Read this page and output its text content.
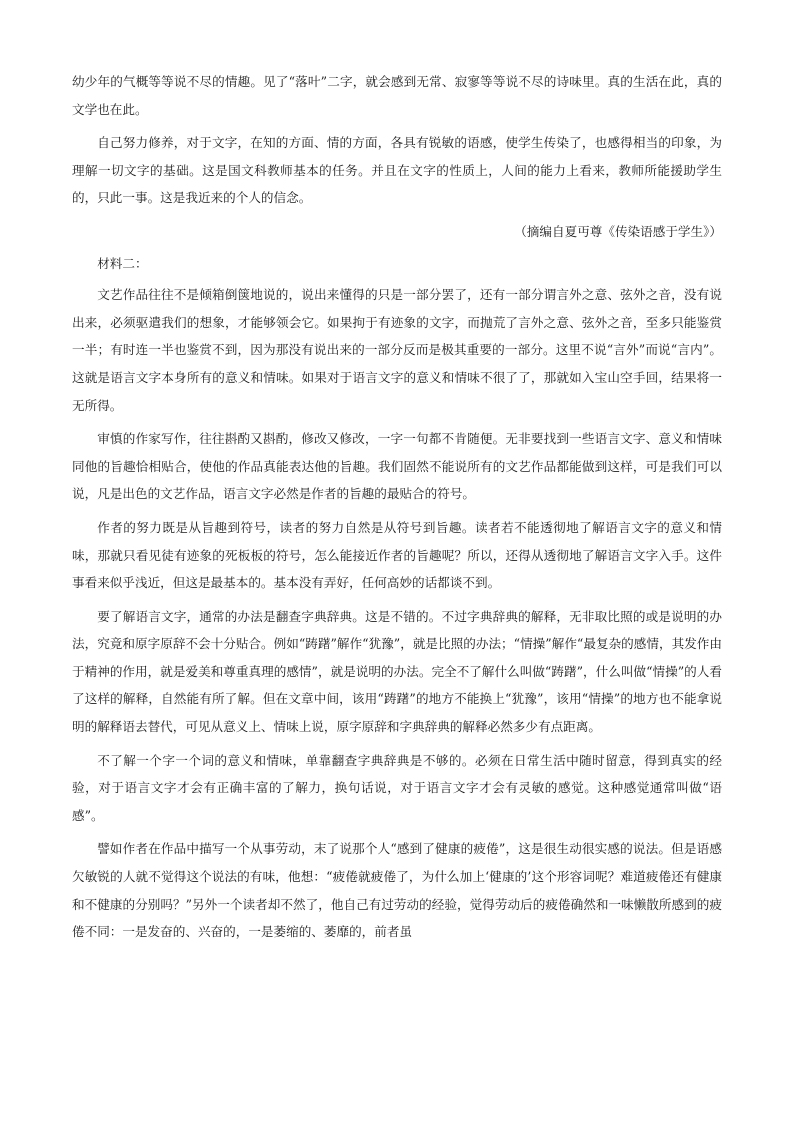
幼少年的气概等等说不尽的情趣。见了“落叶”二字，就会感到无常、寂寥等等说不尽的诗味里。真的生活在此，真的文学也在此。

自己努力修养，对于文字，在知的方面、情的方面，各具有锐敏的语感，使学生传染了，也感得相当的印象，为理解一切文字的基础。这是国文科教师基本的任务。并且在文字的性质上，人间的能力上看来，教师所能援助学生的，只此一事。这是我近来的个人的信念。

（摘编自夏丏尊《传染语感于学生》）

材料二：

文艺作品往往不是倾箱倒箧地说的，说出来懂得的只是一部分罢了，还有一部分谓言外之意、弦外之音，没有说出来，必须驱遣我们的想象，才能够领会它。如果拘于有迹象的文字，而抛荒了言外之意、弦外之音，至多只能鉴赏一半；有时连一半也鉴赏不到，因为那没有说出来的一部分反而是极其重要的一部分。这里不说“言外”而说“言内”。这就是语言文字本身所有的意义和情味。如果对于语言文字的意义和情味不很了了，那就如入宝山空手回，结果将一无所得。

审慎的作家写作，往往斟酌又斟酌，修改又修改，一字一句都不肯随便。无非要找到一些语言文字、意义和情味同他的旨趣恰相贴合，使他的作品真能表达他的旨趣。我们固然不能说所有的文艺作品都能做到这样，可是我们可以说，凡是出色的文艺作品，语言文字必然是作者的旨趣的最贴合的符号。

作者的努力既是从旨趣到符号，读者的努力自然是从符号到旨趣。读者若不能透彻地了解语言文字的意义和情味，那就只看见徒有迹象的死板板的符号，怎么能接近作者的旨趣呢？所以，还得从透彻地了解语言文字入手。这件事看来似乎浅近，但这是最基本的。基本没有弄好，任何高妙的话都谈不到。

要了解语言文字，通常的办法是翻查字典辞典。这是不错的。不过字典辞典的解释，无非取比照的或是说明的办法，究竟和原字原辞不会十分贴合。例如“踌躇”解作“犹豫”，就是比照的办法；“情操”解作“最复杂的感情，其发作由于精神的作用，就是爱美和尊重真理的感情”，就是说明的办法。完全不了解什么叫做“踌躇”，什么叫做“情操”的人看了这样的解释，自然能有所了解。但在文章中间，该用“踌躇”的地方不能换上“犹豫”，该用“情操”的地方也不能拿说明的解释语去替代，可见从意义上、情味上说，原字原辞和字典辞典的解释必然多少有点距离。

不了解一个字一个词的意义和情味，单靠翻查字典辞典是不够的。必须在日常生活中随时留意，得到真实的经验，对于语言文字才会有正确丰富的了解力，换句话说，对于语言文字才会有灵敏的感觉。这种感觉通常叫做“语感”。

譬如作者在作品中描写一个从事劳动，末了说那个人“感到了健康的疲倦”，这是很生动很实感的说法。但是语感欠敏锐的人就不觉得这个说法的有味，他想：“疲倦就疲倦了，为什么加上‘健康的’这个形容词呢？难道疲倦还有健康和不健康的分别吗？”另外一个读者却不然了，他自己有过劳动的经验，觉得劳动后的疲倦确然和一味懒散所感到的疲倦不同：一是发奋的、兴奋的，一是萎缩的、萎靡的，前者虽
